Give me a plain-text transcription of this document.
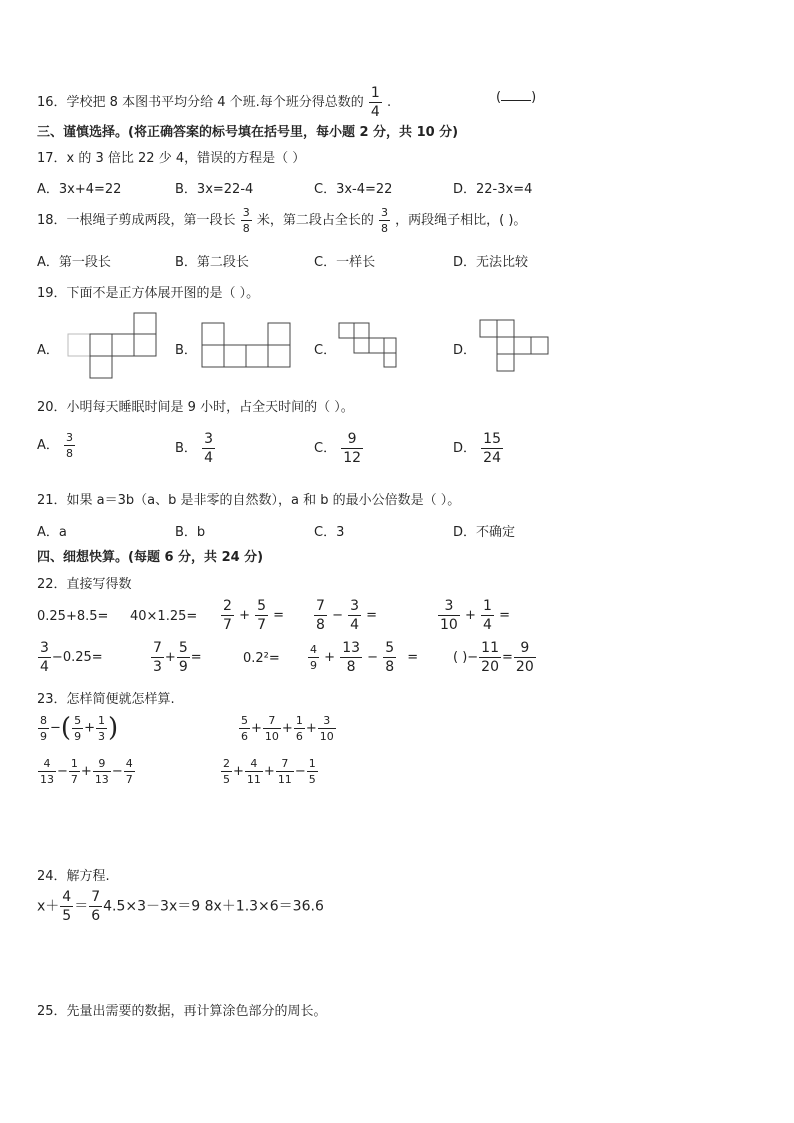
16．学校把 8 本图书平均分给 4 个班.每个班分得总数的 $\frac{1}{4}$ .	( )
三、谨慎选择。(将正确答案的标号填在括号里，每小题 2 分，共 10 分)
17．x 的 3 倍比 22 少 4，错误的方程是（ ）
A．3x+4=22	B．3x=22-4	C．3x-4=22	D．22-3x=4
18．一根绳子剪成两段，第一段长 $\frac{3}{8}$ 米，第二段占全长的 $\frac{3}{8}$ ，两段绳子相比，( )。
A．第一段长	B．第二段长	C．一样长	D．无法比较
19．下面不是正方体展开图的是（ ）。
A．	B．	C．	D．
20．小明每天睡眠时间是 9 小时，占全天时间的（ ）。
A． $\frac{3}{8}$	B． $\frac{3}{4}$	C． $\frac{9}{12}$	D． $\frac{15}{24}$
21．如果 a＝3b（a、b 是非零的自然数），a 和 b 的最小公倍数是（ ）。
A．a	B．b	C．3	D．不确定
四、细想快算。(每题 6 分，共 24 分)
22．直接写得数
$0.25+8.5= 40\times 1.25= \frac{2}{7} + \frac{5}{7} = \frac{7}{8} - \frac{3}{4}$ =	$\frac{3}{10} + \frac{1}{4}$ =
$\frac{3}{4} -0.25=$	$\frac{7}{3} + \frac{5}{9}$ =	0.2²=	$\frac{4}{9} + \frac{13}{8} - \frac{5}{8}$ =	( )− $\frac{11}{20} = \frac{9}{20}$
23．怎样简便就怎样算.
$\frac{8}{9}$ −( $\frac{5}{9} + \frac{1}{3}$ )	$\frac{5}{6} + \frac{7}{10} + \frac{1}{6} + \frac{3}{10}$
$\frac{4}{13} - \frac{1}{7} + \frac{9}{13} - \frac{4}{7}$	$\frac{2}{5} + \frac{4}{11} + \frac{7}{11} - \frac{1}{5}$
24．解方程.
$x+ \frac{4}{5} = \frac{7}{6} 4.5\times 3-3x=9$ 8x＋1.3×6＝36.6
25．先量出需要的数据，再计算涂色部分的周长。
